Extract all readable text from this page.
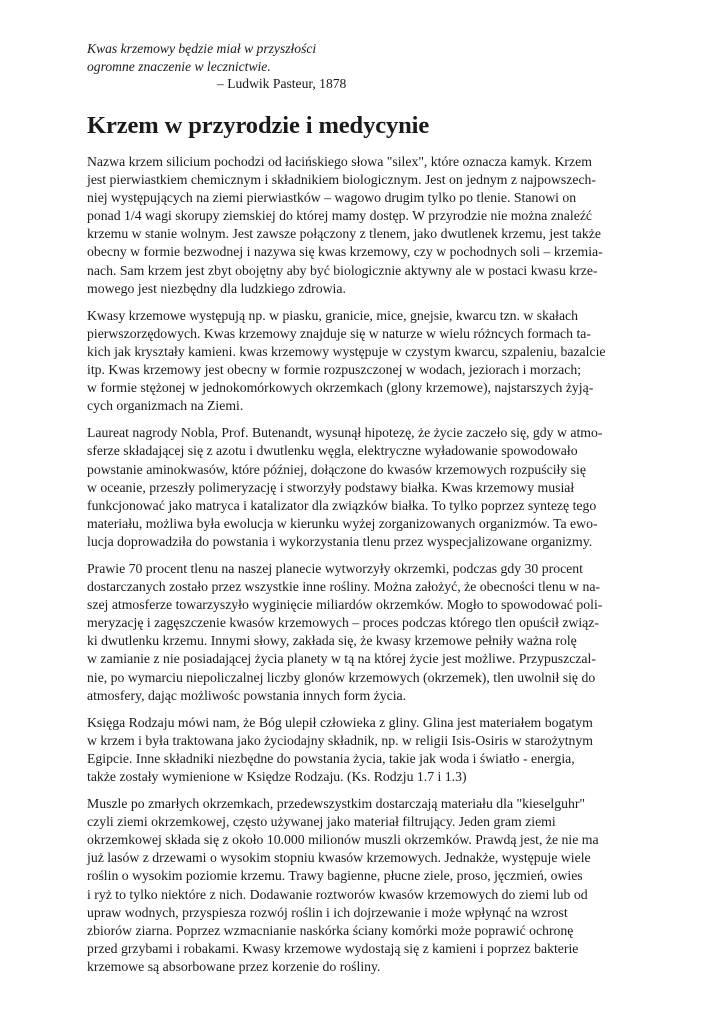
Kwas krzemowy będzie miał w przyszłości
ogromne znaczenie w lecznictwie.
– Ludwik Pasteur, 1878
Krzem w przyrodzie i medycynie

Nazwa krzem silicium pochodzi od łacińskiego słowa "silex", które oznacza kamyk. Krzem
jest pierwiastkiem chemicznym i składnikiem biologicznym. Jest on jednym z najpowszech-
niej występujących na ziemi pierwiastków – wagowo drugim tylko po tlenie. Stanowi on
ponad 1/4 wagi skorupy ziemskiej do której mamy dostęp. W przyrodzie nie można znaleźć
krzemu w stanie wolnym. Jest zawsze połączony z tlenem, jako dwutlenek krzemu, jest także
obecny w formie bezwodnej i nazywa się kwas krzemowy, czy w pochodnych soli – krzemia-
nach. Sam krzem jest zbyt obojętny aby być biologicznie aktywny ale w postaci kwasu krze-
mowego jest niezbędny dla ludzkiego zdrowia.

Kwasy krzemowe występują np. w piasku, granicie, mice, gnejsie, kwarcu tzn. w skałach
pierwszorzędowych. Kwas krzemowy znajduje się w naturze w wielu różncych formach ta-
kich jak kryształy kamieni. kwas krzemowy występuje w czystym kwarcu, szpaleniu, bazalcie
itp. Kwas krzemowy jest obecny w formie rozpuszczonej w wodach, jeziorach i morzach;
w formie stężonej w jednokomórkowych okrzemkach (glony krzemowe), najstarszych żyją-
cych organizmach na Ziemi.

Laureat nagrody Nobla, Prof. Butenandt, wysunął hipotezę, że życie zaczeło się, gdy w atmo-
sferze składającej się z azotu i dwutlenku węgla, elektryczne wyładowanie spowodowało
powstanie aminokwasów, które później, dołączone do kwasów krzemowych rozpuściły się
w oceanie, przeszły polimeryzację i stworzyły podstawy białka. Kwas krzemowy musiał
funkcjonować jako matryca i katalizator dla związków białka. To tylko poprzez syntezę tego
materiału, możliwa była ewolucja w kierunku wyżej zorganizowanych organizmów. Ta ewo-
lucja doprowadziła do powstania i wykorzystania tlenu przez wyspecjalizowane organizmy.

Prawie 70 procent tlenu na naszej planecie wytworzyły okrzemki, podczas gdy 30 procent
dostarczanych zostało przez wszystkie inne rośliny. Można założyć, że obecności tlenu w na-
szej atmosferze towarzyszyło wyginięcie miliardów okrzemków. Mogło to spowodować poli-
meryzację i zagęszczenie kwasów krzemowych – proces podczas którego tlen opuścił związ-
ki dwutlenku krzemu. Innymi słowy, zakłada się, że kwasy krzemowe pełniły ważna rolę
w zamianie z nie posiadającej życia planety w tą na której życie jest możliwe. Przypuszczal-
nie, po wymarciu niepoliczalnej liczby glonów krzemowych (okrzemek), tlen uwolnił się do
atmosfery, dając możliwośc powstania innych form życia.

Księga Rodzaju mówi nam, że Bóg ulepił człowieka z gliny. Glina jest materiałem bogatym
w krzem i była traktowana jako życiodajny składnik, np. w religii Isis-Osiris w starożytnym
Egipcie. Inne składniki niezbędne do powstania życia, takie jak woda i światło - energia,
także zostały wymienione w Księdze Rodzaju. (Ks. Rodzju 1.7 i 1.3)

Muszle po zmarłych okrzemkach, przedewszystkim dostarczają materiału dla "kieselguhr"
czyli ziemi okrzemkowej, często używanej jako materiał filtrujący. Jeden gram ziemi
okrzemkowej składa się z około 10.000 milionów muszli okrzemków. Prawdą jest, że nie ma
już lasów z drzewami o wysokim stopniu kwasów krzemowych. Jednakże, występuje wiele
roślin o wysokim poziomie krzemu. Trawy bagienne, płucne ziele, proso, jęczmień, owies
i ryż to tylko niektóre z nich. Dodawanie roztworów kwasów krzemowych do ziemi lub od
upraw wodnych, przyspiesza rozwój roślin i ich dojrzewanie i może wpłynąć na wzrost
zbiorów ziarna. Poprzez wzmacnianie naskórka ściany komórki może poprawić ochronę
przed grzybami i robakami. Kwasy krzemowe wydostają się z kamieni i poprzez bakterie
krzemowe są absorbowane przez korzenie do rośliny.
